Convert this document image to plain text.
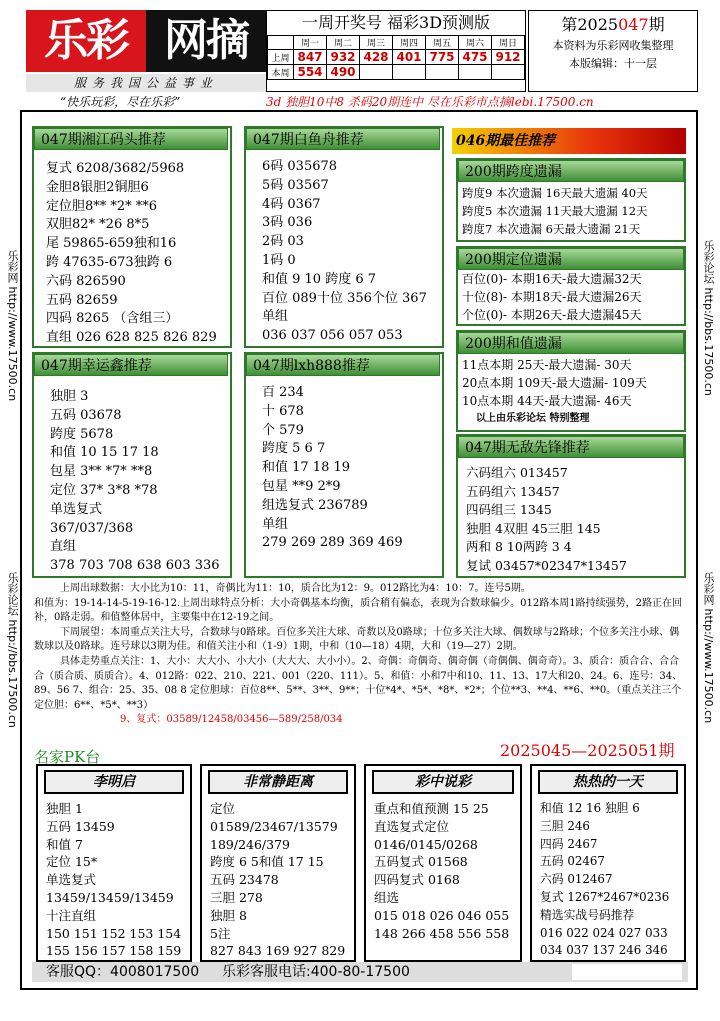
乐彩 网摘
服务我国公益事业
一周开奖号 福彩3D预测版
	周一	周二	周三	周四	周五	周六	周日
上周	847	932	428	401	775	475	912
本周	554	490					
第2025047期
本资料为乐彩网收集整理
本版编辑：十一层
“快乐玩彩，尽在乐彩”	3d 独胆10中8 杀码20期连中 尽在乐彩市点摘lebi.17500.cn
乐彩网 http://www.17500.cn
乐彩论坛 http://bbs.17500.cn
乐彩论坛 http://bbs.17500.cn
乐彩网 http://www.17500.cn
047期湘江码头推荐
复式 6208/3682/5968
金胆8银胆2铜胆6
定位胆8** *2* **6
双胆82* *26 8*5
尾 59865-659独和16
跨 47635-673独跨 6
六码 826590
五码 82659
四码 8265 （含组三）
直组 026 628 825 826 829
047期白鱼舟推荐
6码 035678
5码 03567
4码 0367
3码 036
2码 03
1码 0
和值 9 10 跨度 6 7
百位 089十位 356个位 367
单组
036 037 056 057 053
047期幸运鑫推荐
独胆 3
五码 03678
跨度 5678
和值 10 15 17 18
包星 3** *7* **8
定位 37* 3*8 *78
单选复式
367/037/368
直组
378 703 708 638 603 336
047期lxh888推荐
百 234
十 678
个 579
跨度 5 6 7
和值 17 18 19
包星 **9 2*9
组选复式 236789
单组
279 269 289 369 469
046期最佳推荐
200期跨度遗漏
跨度9 本次遗漏 16天最大遗漏 40天
跨度5 本次遗漏 11天最大遗漏 12天
跨度7 本次遗漏 6天最大遗漏 21天
200期定位遗漏
百位(0)- 本期16天-最大遗漏32天
十位(8)- 本期18天-最大遗漏26天
个位(0)- 本期26天-最大遗漏45天
200期和值遗漏
11点本期 25天-最大遗漏- 30天
20点本期 109天-最大遗漏- 109天
10点本期 44天-最大遗漏- 46天
以上由乐彩论坛 特别整理
047期无敌先锋推荐
六码组六 013457
五码组六 13457
四码组三 1345
独胆 4双胆 45三胆 145
两和 8 10两跨 3 4
复试 03457*02347*13457
上周出球数据：大小比为10：11，奇偶比为11：10，质合比为12：9。012路比为4：10：7。连号5期。
和值为：19-14-14-5-19-16-12.上周出球特点分析：大小奇偶基本均衡，质合稍有偏态，表现为合数球偏少。012路本周1路持续强势，2路正在回补，0路走弱。和值整体居中，主要集中在12-19之间。
下周展望：本周重点关注大号，合数球与0路球。百位多关注大球、奇数以及0路球；十位多关注大球、偶数球与2路球；个位多关注小球、偶数球以及0路球。连号球以3期为佳。和值关注小和（1-9）1期，中和（10—18）4期，大和（19—27）2期。
具体走势重点关注：1、大小：大大小、小大小（大大大、大小小）。2、奇偶：奇偶奇、偶奇偶（奇偶偶、偶奇奇）。3、质合：质合合、合合合（质合质、质质合）。4、012路：022、210、221、001（220、111）。5、和值：小和7中和10、11、13、17大和20、24。6、连号：34、89、56 7、组合：25、35、08 8 定位胆球：百位8**、5**、3**、9**；十位*4*、*5*、*8*、*2*；个位**3、**4、**6、**0。（重点关注三个定位胆：6**、*5*、**3）
9、复式：03589/12458/03456—589/258/034
名家PK台	2025045—2025051期
李明启
独胆 1
五码 13459
和值 7
定位 15*
单选复式
13459/13459/13459
十注直组
150 151 152 153 154
155 156 157 158 159
非常静距离
定位
01589/23467/13579
189/246/379
跨度 6 5和值 17 15
五码 23478
三胆 278
独胆 8
5注
827 843 169 927 829
彩中说彩
重点和值预测 15 25
直选复式定位
0146/0145/0268
五码复式 01568
四码复式 0168
组选
015 018 026 046 055
148 266 458 556 558
热热的一天
和值 12 16 独胆 6
三胆 246
四码 2467
五码 02467
六码 012467
复式 1267*2467*0236
精选实战号码推荐
016 022 024 027 033
034 037 137 246 346
客服QQ：4008017500 乐彩客服电话:400-80-17500
